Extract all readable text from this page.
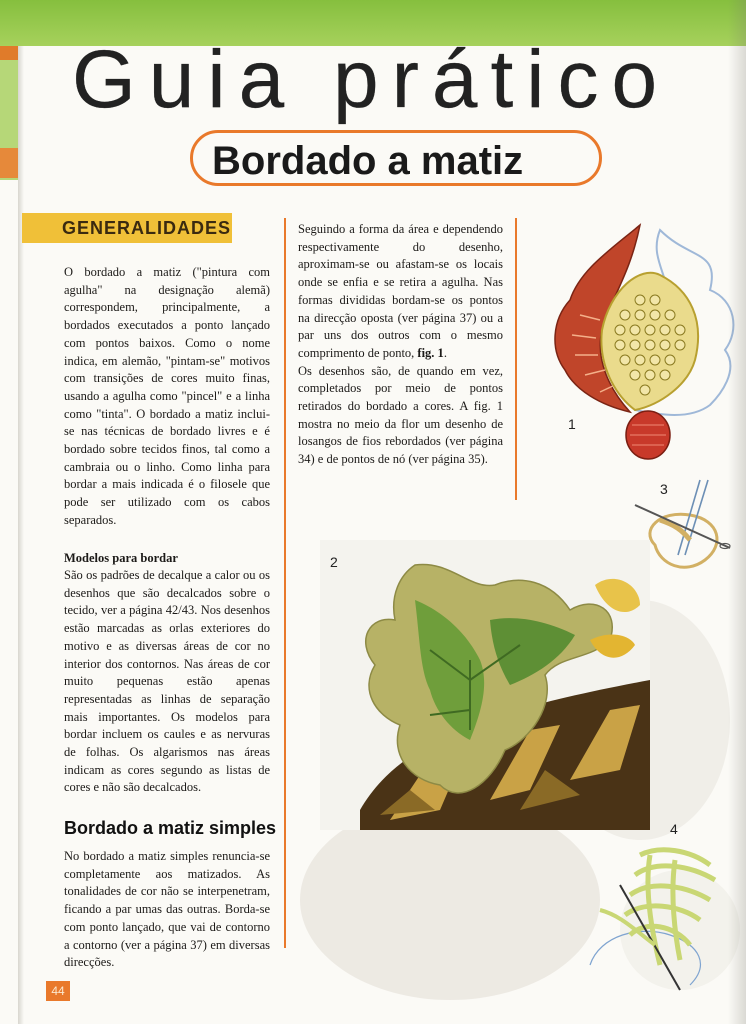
Guia prático
Bordado a matiz
GENERALIDADES
O bordado a matiz ("pintura com agulha" na designação alemã) correspondem, principalmente, a bordados executados a ponto lançado com pontos baixos. Como o nome indica, em alemão, "pintam-se" motivos com transições de cores muito finas, usando a agulha como "pincel" e a linha como "tinta". O bordado a matiz inclui-se nas técnicas de bordado livres e é bordado sobre tecidos finos, tal como a cambraia ou o linho. Como linha para bordar a mais indicada é o filosele que pode ser utilizado com os cabos separados.
Modelos para bordar
São os padrões de decalque a calor ou os desenhos que são decalcados sobre o tecido, ver a página 42/43. Nos desenhos estão marcadas as orlas exteriores do motivo e as diversas áreas de cor no interior dos contornos. Nas áreas de cor muito pequenas estão apenas representadas as linhas de separação mais importantes. Os modelos para bordar incluem os caules e as nervuras de folhas. Os algarismos nas áreas indicam as cores segundo as listas de cores e não são decalcados.
Bordado a matiz simples
No bordado a matiz simples renuncia-se completamente aos matizados. As tonalidades de cor não se interpenetram, ficando a par umas das outras. Borda-se com ponto lançado, que vai de contorno a contorno (ver a página 37) em diversas direcções.
Seguindo a forma da área e dependendo respectivamente do desenho, aproximam-se ou afastam-se os locais onde se enfia e se retira a agulha. Nas formas divididas bordam-se os pontos na direcção oposta (ver página 37) ou a par uns dos outros com o mesmo comprimento de ponto, fig. 1.
Os desenhos são, de quando em vez, completados por meio de pontos retirados do bordado a cores. A fig. 1 mostra no meio da flor um desenho de losangos de fios rebordados (ver página 34) e de pontos de nó (ver página 35).
1
3
2
4
44
